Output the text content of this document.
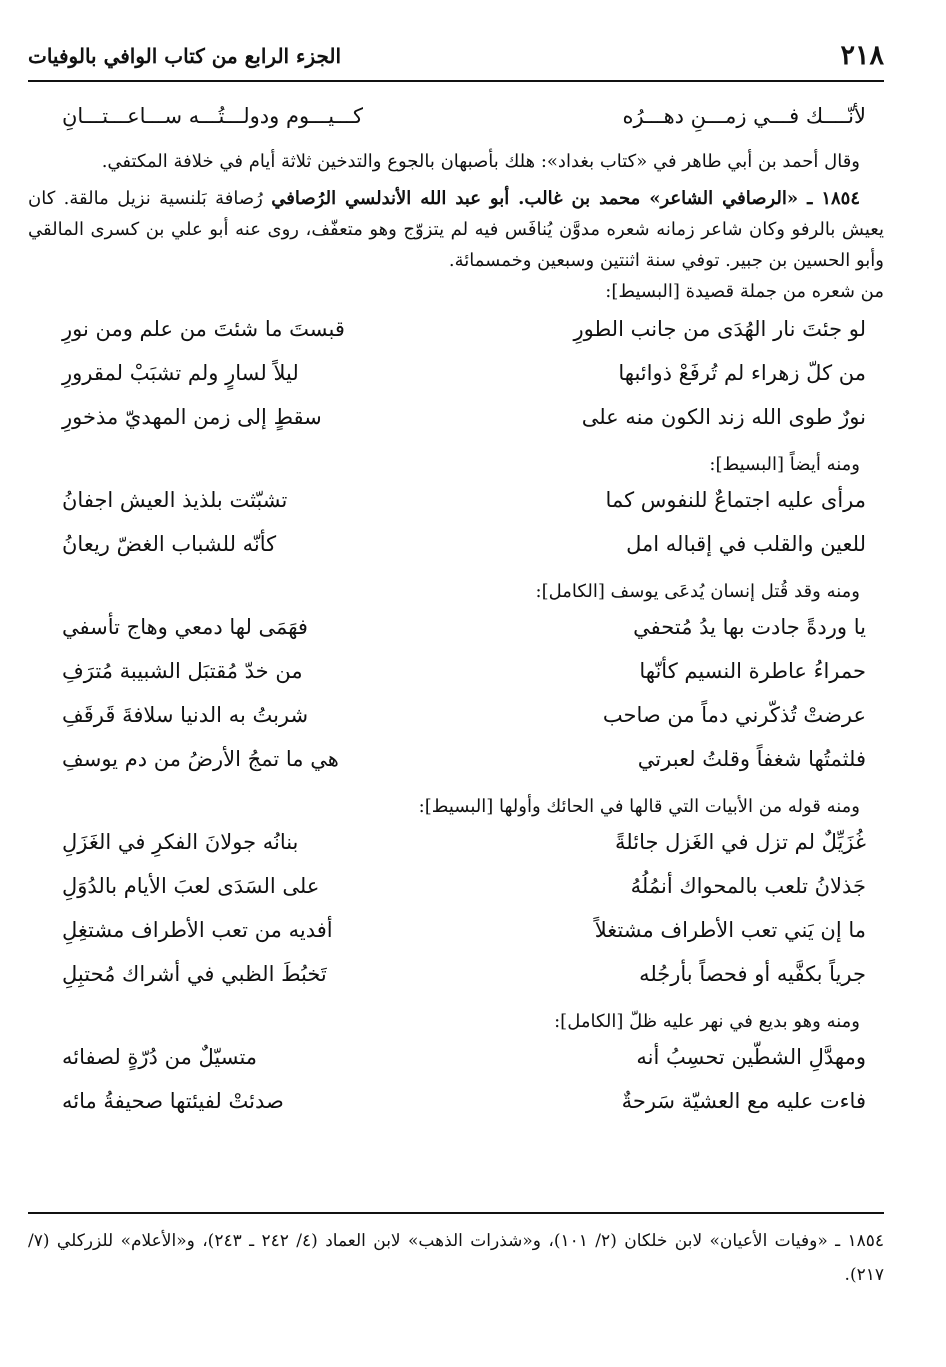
٢١٨
الجزء الرابع من كتاب الوافي بالوفيات
لأنّــــك فـــي زمـــنِ دهـــرُه
كـــيـــوم ودولـــتُـــه ســـاعـــتـــانِ

وقال أحمد بن أبي طاهر في «كتاب بغداد»: هلك بأصبهان بالجوع والتدخين ثلاثة أيام في خلافة المكتفي.

١٨٥٤ ـ «الرصافي الشاعر» محمد بن غالب. أبو عبد الله الأندلسي الرُصافي رُصافة بَلنسية نزيل مالقة. كان يعيش بالرفو وكان شاعر زمانه شعره مدوَّن يُنافَس فيه لم يتزوّج وهو متعفّف، روى عنه أبو علي بن كسرى المالقي وأبو الحسين بن جبير. توفي سنة اثنتين وسبعين وخمسمائة.

من شعره من جملة قصيدة [البسيط]:
لو جئتَ نار الهُدَى من جانب الطورِ
قبستَ ما شئتَ من علم ومن نورِ
من كلّ زهراء لم تُرفَعْ ذوائبها
ليلاً لسارٍ ولم تشبَبْ لمقرورِ
نورٌ طوى الله زند الكون منه على
سقطٍ إلى زمن المهديّ مذخورِ
ومنه أيضاً [البسيط]:
مرأى عليه اجتماعٌ للنفوس كما
تشبّثت بلذيذ العيش اجفانُ
للعين والقلب في إقباله امل
كأنّه للشباب الغضّ ريعانُ
ومنه وقد قُتل إنسان يُدعَى يوسف [الكامل]:
يا وردةً جادت بها يدُ مُتحفي
فهَمَى لها دمعي وهاج تأسفي
حمراءُ عاطرة النسيم كأنّها
من خدّ مُقتبَل الشبيبة مُترَفِ
عرضتْ تُذكّرني دماً من صاحب
شربتُ به الدنيا سلافةَ قَرقَفِ
فلثمتُها شغفاً وقلتُ لعبرتي
هي ما تمجُ الأرضُ من دم يوسفِ
ومنه قوله من الأبيات التي قالها في الحائك وأولها [البسيط]:
غُزَيِّلٌ لم تزل في الغَزل جائلةً
بنانُه جولانَ الفكرِ في الغَزَلِ
جَذلانُ تلعب بالمحواك أنمُلُهُ
على السَدَى لعبَ الأيام بالدُوَلِ
ما إن يَني تعب الأطراف مشتغلاً
أفديه من تعب الأطراف مشتغِلِ
جرياً بكفَّيه أو فحصاً بأرجُله
تَخبُطَ الظبي في أشراك مُحتبِلِ
ومنه وهو بديع في نهر عليه ظلّ [الكامل]:
ومهدَّلِ الشطّين تحسِبُ أنه
متسيّلٌ من دُرّةٍ لصفائه
فاءت عليه مع العشيّة سَرحةٌ
صدئتْ لفيئتها صحيفةُ مائه
١٨٥٤ ـ «وفيات الأعيان» لابن خلكان (٢/ ١٠١)، و«شذرات الذهب» لابن العماد (٤/ ٢٤٢ ـ ٢٤٣)، و«الأعلام» للزركلي (٧/ ٢١٧).
